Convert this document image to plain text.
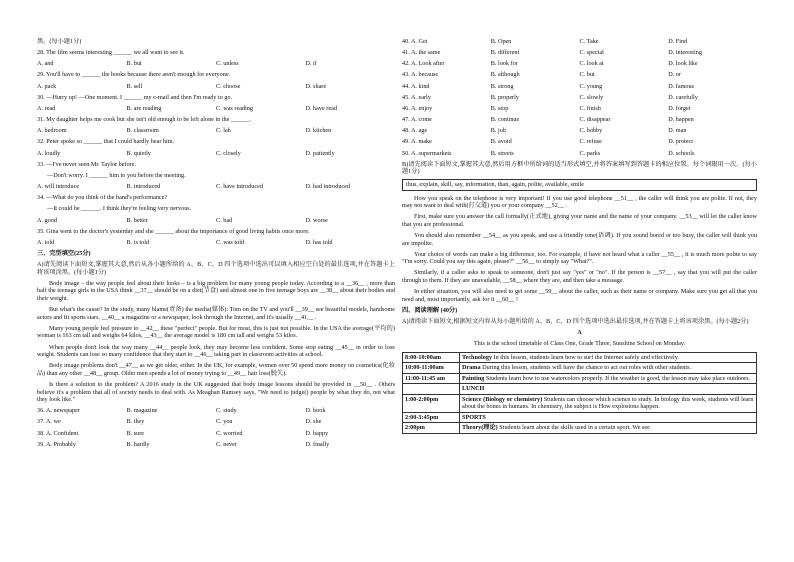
黑。(每小题1分)
28. The film seems interesting ______ we all want to see it.
A. and	B. but	C. unless	D. if
29. You'll have to ______ the books because there aren't enough for everyone.
A. pack	B. sell	C. choose	D. share
30. —Hurry up! —One moment. I ______ my e-mail and then I'm ready to go.
A. read	B. are reading	C. was reading	D. have read
31. My daughter helps me cook but she isn't old enough to be left alone in the ______.
A. bedroom	B. classroom	C. lab	D. kitchen
32. Peter spoke so ______ that I could hardly hear him.
A. loudly	B. quietly	C. closely	D. patiently
33. —I've never seen Mr. Taylor before.
—Don't worry. I ______ him to you before the meeting.
A. will introduce	B. introduced	C. have introduced	D. had introduced
34. —What do you think of the band's performance?
—It could be ______. I think they're feeling very nervous.
A. good	B. better	C. bad	D. worse
35. Gina went to the doctor's yesterday and she ______ about the importance of good living habits once more.
A. told	B. is told	C. was told	D. has told
三、完型填空(25分)
A)请先阅读下面短文,掌握其大意,然后从各小题所给的 A、B、C、D 四个选项中选出可以填入相应空白处的最佳选项,并在答题卡上将该项涂黑。(每小题1分)
Body image – the way people feel about their looks – is a big problem for many young people today. According to a __36__ , more than half the teenage girls in the USA think __37__ should be on a diet(节食) and almost one in five teenage boys are __38__ about their bodies and their weight.
But what's the cause? In the study, many blame(责备) the media(媒体): Tom on the TV and you'll __39__ see beautiful models, handsome actors and fit sports stars. __40__ a magazine or a newspaper, look through the Internet, and it's usually __41__ .
Many young people feel pressure to __42__ these "perfect" people. But for most, this is just not possible. In the USA the average(平均的) woman is 163 cm tall and weighs 64 kilos, __43__ the average model is 180 cm tall and weighs 53 kilos.
When people don't look the way many __44__ people look, they may become less confident. Some stop eating __45__ in order to lose weight. Students can lose so many confidence that they start to __46__ taking part in classroom activities at school.
Body image problems don't __47__ as we get older, either. In the UK, for example, women over 50 spend more money on cosmetics(化妆品) than any other __48__ group. Older men spends a lot of money trying to __49__ hair loss(脱失).
Is there a solution to the problem? A 2016 study in the UK suggested that body image lessons should be provided in __50__ . Others believe it's a problem that all of society needs to deal with. As Meaghan Ramsey says, "We need to judge() people by what they do, not what they look like."
36. A. newspaper	B. magazine	C. study	D. book
37. A. we	B. they	C. you	D. she
38. A. Confident	B. sure	C. worried	D. happy
39. A. Probably	B. hardly	C. never	D. finally
40. A. Get	B. Open	C. Take	D. Find
41. A. the same	B. different	C. special	D. interesting
42. A. Look after	B. look for	C. look at	D. look like
43. A. because	B. although	C. but	D. or
44. A. kind	B. strong	C. young	D. famous
45. A. early	B. properly	C. slowly	D. carefully
46. A. enjoy	B. stop	C. finish	D. forget
47. A. come	B. continue	C. disappear	D. happen
48. A. age	B. job	C. hobby	D. man
49. A. make	B. avoid	C. refuse	D. protect
50. A. supermarkets	B. streets	C. parks	D. schools
B)请先阅读下面短文,掌握其大意,然后用方框中所给词的适当形式填空,并将答案填写到答题卡的相应位置。每个词限用一次。(每小题1分)
thus, explain, skill, say, information, than, again, polite, available, smile
How you speak on the telephone is very important! If you use good telephone __51__ , the caller will think you are polite. If not, they may not want to deal with(打交道) you or your company __52__ .
First, make sure you answer the call formally(正式地), giving your name and the name of your company. __53__ will let the caller know that you are professional.
You should also remember __54__ as you speak, and use a friendly tone(语调). If you sound bored or too busy, the caller will think you are impolite.
Your choice of words can make a big difference, too. For example, if have not heard what a caller __55__ , it is much more polite to say "I'm sorry. Could you say this again, please?" __56__ to simply say "What?".
Similarly, if a caller asks to speak to someone, don't just say "yes" or "no". If the person is __57__ , say that you will put the caller through to them. If they are unavailable, __58__ where they are, and then take a message.
In either situation, you will also need to get some __59__ about the caller, such as their name or company. Make sure you get all that you need and, most importantly, ask for it __60__ !
四、阅读理解 (40分)
A)请阅读下面短文,根据短文内容从每小题所给的 A、B、C、D 四个选项中选出最佳选项,并在答题卡上将该项涂黑。(每小题2分)
A
This is the school timetable of Class One, Grade Three, Sunshine School on Monday.
8:00-10:00am	Technology In this lesson, students learn how to surf the Internet safely and effectively.
10:00-11:00am	Drama During this lesson, students will have the chance to act out roles with other students.
11:00-11:45 am	Painting Students learn how to use watercolors properly. If the weather is good, the lesson may take place outdoors.
	LUNCH
1:00-2:00pm	Science (Biology or chemistry) Students can choose which science to study. In biology this week, students will learn about the bones in humans. In chemistry, the subject is How explosions happen.
2:00-3:45pm	SPORTS
2:00pm	Theory(理论) Students learn about the skills used in a certain sport. We see
